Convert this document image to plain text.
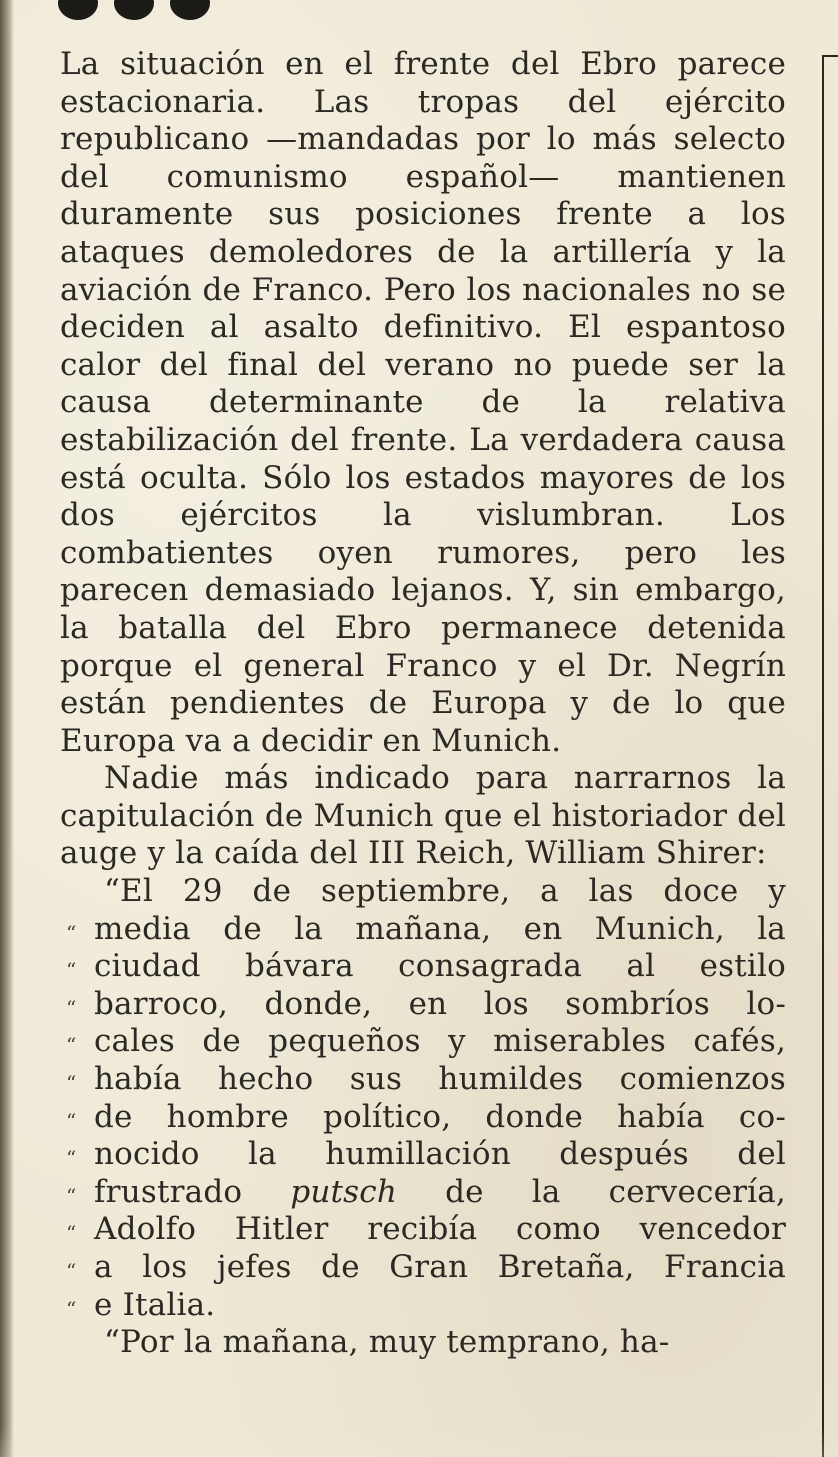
La situación en el frente del Ebro parece estacionaria. Las tropas del ejército republicano —mandadas por lo más selecto del comunismo español— mantienen duramente sus posiciones frente a los ataques demoledores de la artillería y la aviación de Franco. Pero los nacionales no se deciden al asalto definitivo. El espantoso calor del final del verano no puede ser la causa determinante de la relativa estabilización del frente. La verdadera causa está oculta. Sólo los estados mayores de los dos ejércitos la vislumbran. Los combatientes oyen rumores, pero les parecen demasiado lejanos. Y, sin embargo, la batalla del Ebro permanece detenida porque el general Franco y el Dr. Negrín están pendientes de Europa y de lo que Europa va a decidir en Munich.

Nadie más indicado para narrarnos la capitulación de Munich que el historiador del auge y la caída del III Reich, William Shirer:

“El 29 de septiembre, a las doce y
“ media de la mañana, en Munich, la
“ ciudad bávara consagrada al estilo
“ barroco, donde, en los sombríos lo-
“ cales de pequeños y miserables cafés,
“ había hecho sus humildes comienzos
“ de hombre político, donde había co-
“ nocido la humillación después del
“ frustrado putsch de la cervecería,
“ Adolfo Hitler recibía como vencedor
“ a los jefes de Gran Bretaña, Francia
“ e Italia.

“Por la mañana, muy temprano, ha-
